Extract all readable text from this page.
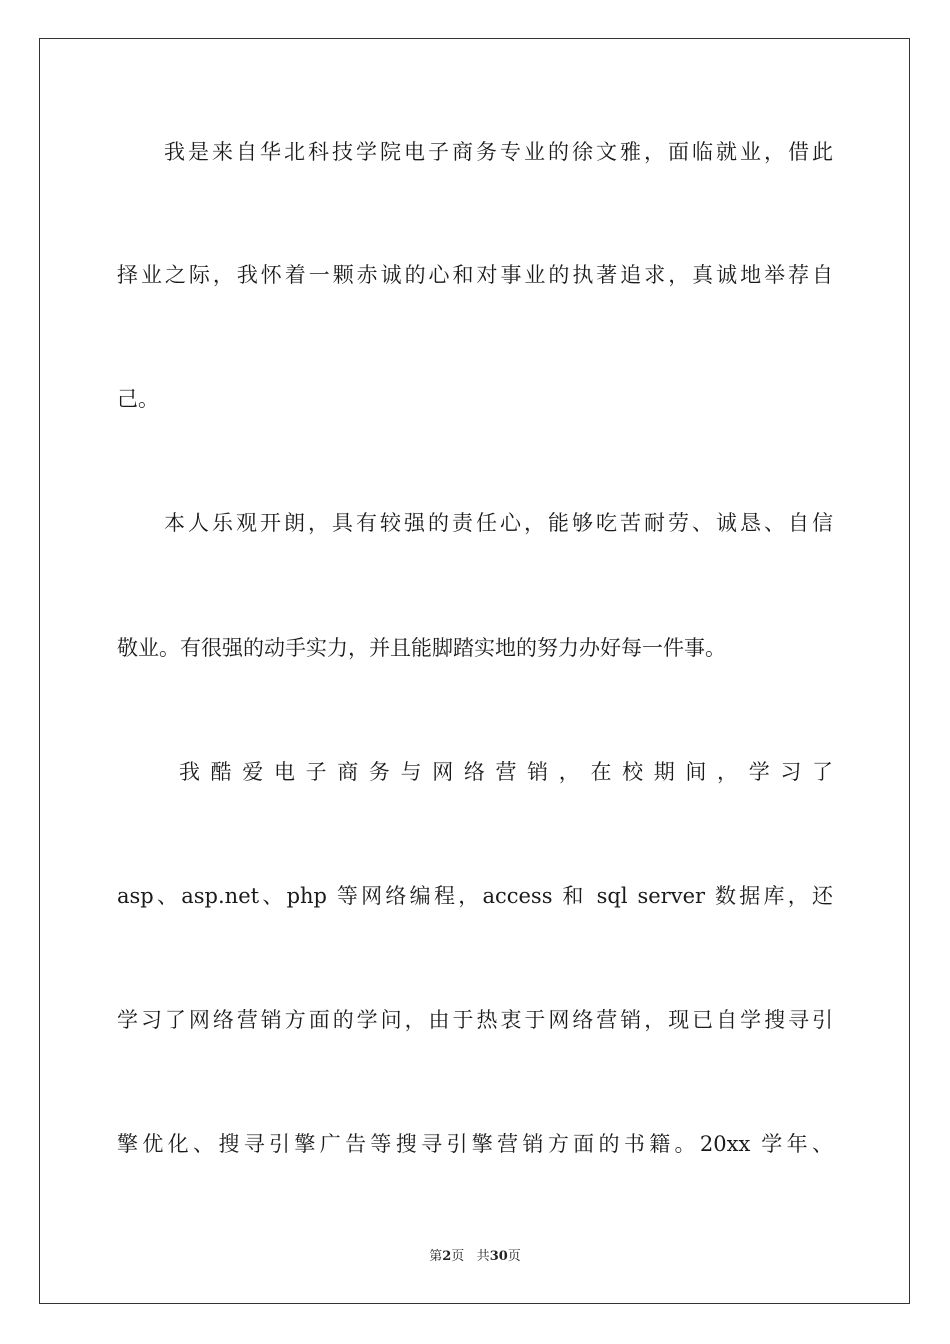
我是来自华北科技学院电子商务专业的徐文雅，面临就业，借此
择业之际，我怀着一颗赤诚的心和对事业的执著追求，真诚地举荐自
己。
本人乐观开朗，具有较强的责任心，能够吃苦耐劳、诚恳、自信
敬业。有很强的动手实力，并且能脚踏实地的努力办好每一件事。
我 酷 爱 电 子 商 务 与 网 络 营 销 ， 在 校 期 间 ， 学 习 了
asp、asp.net、php 等网络编程，access 和 sql server 数据库，还
学习了网络营销方面的学问，由于热衷于网络营销，现已自学搜寻引
擎优化、搜寻引擎广告等搜寻引擎营销方面的书籍。20xx 学年、
第2页 共30页
